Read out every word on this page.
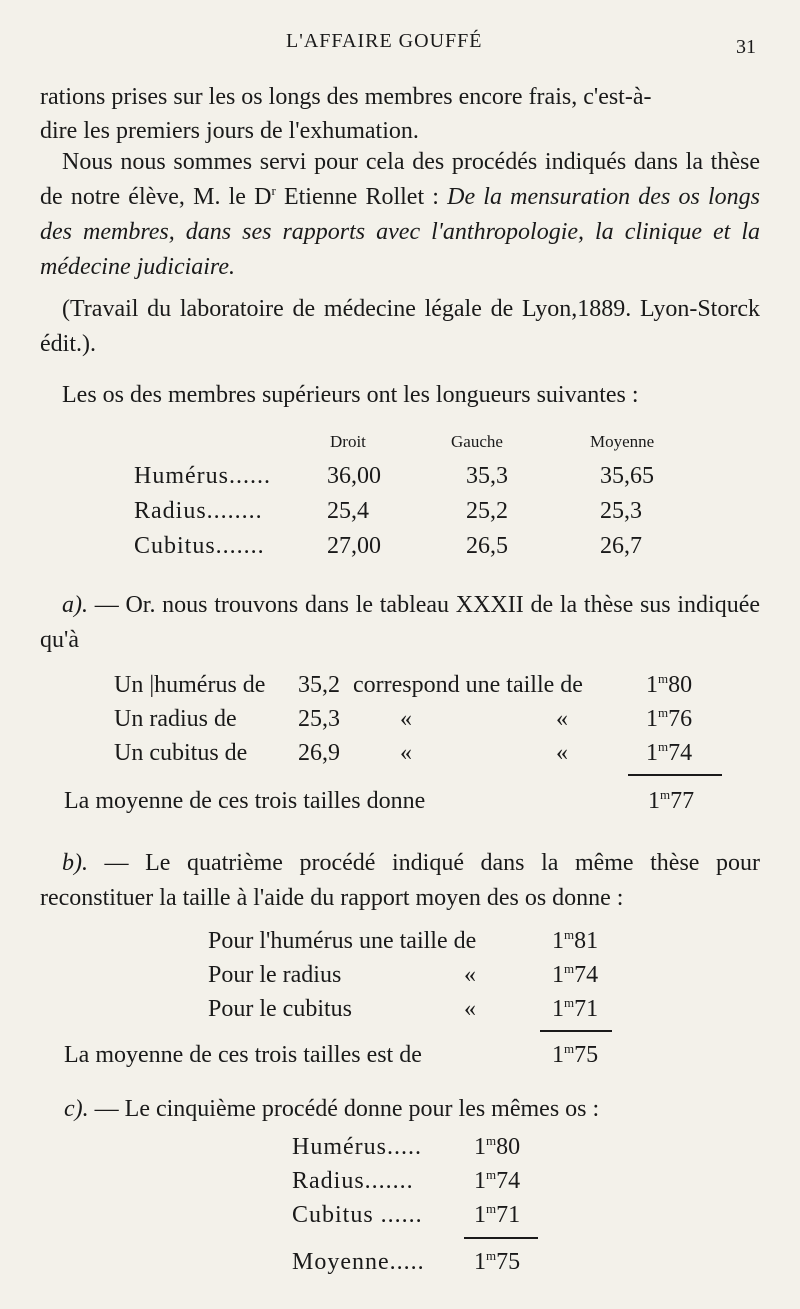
L'AFFAIRE GOUFFÉ	31
rations prises sur les os longs des membres encore frais, c'est-à-
dire les premiers jours de l'exhumation.

Nous nous sommes servi pour cela des procédés indiqués dans la thèse de notre élève, M. le $D^r$ Etienne Rollet : De la mensuration des os longs des membres, dans ses rapports avec l'anthropologie, la clinique et la médecine judiciaire.

(Travail du laboratoire de médecine légale de Lyon,1889. Lyon-Storck édit.).

Les os des membres supérieurs ont les longueurs suivantes :

Droit	Gauche	Moyenne
Humérus...... 36,00	35,3	35,65
Radius........	25,4	25,2	25,3
Cubitus.......	27,00	26,5	26,7

a). — Or. nous trouvons dans le tableau XXXII de la thèse sus indiquée qu'à

Un |humérus de 35,2 correspond une taille de	1$^m$80
Un radius de	25,3	«	«	1$^m$76
Un cubitus de 26,9	«	«	1$^m$74
La moyenne de ces trois tailles donne	1$^m$77

b). — Le quatrième procédé indiqué dans la même thèse pour reconstituer la taille à l'aide du rapport moyen des os donne :

Pour l'humérus une taille de	1$^m$81
Pour le radius	«	1$^m$74
Pour le cubitus	«	1$^m$71
La moyenne de ces trois tailles est de	1$^m$75
c). — Le cinquième procédé donne pour les mêmes os :
Humérus..... 1$^m$80
Radius.......	1$^m$74
Cubitus ...... 1$^m$71
Moyenne..... 1$^m$75
